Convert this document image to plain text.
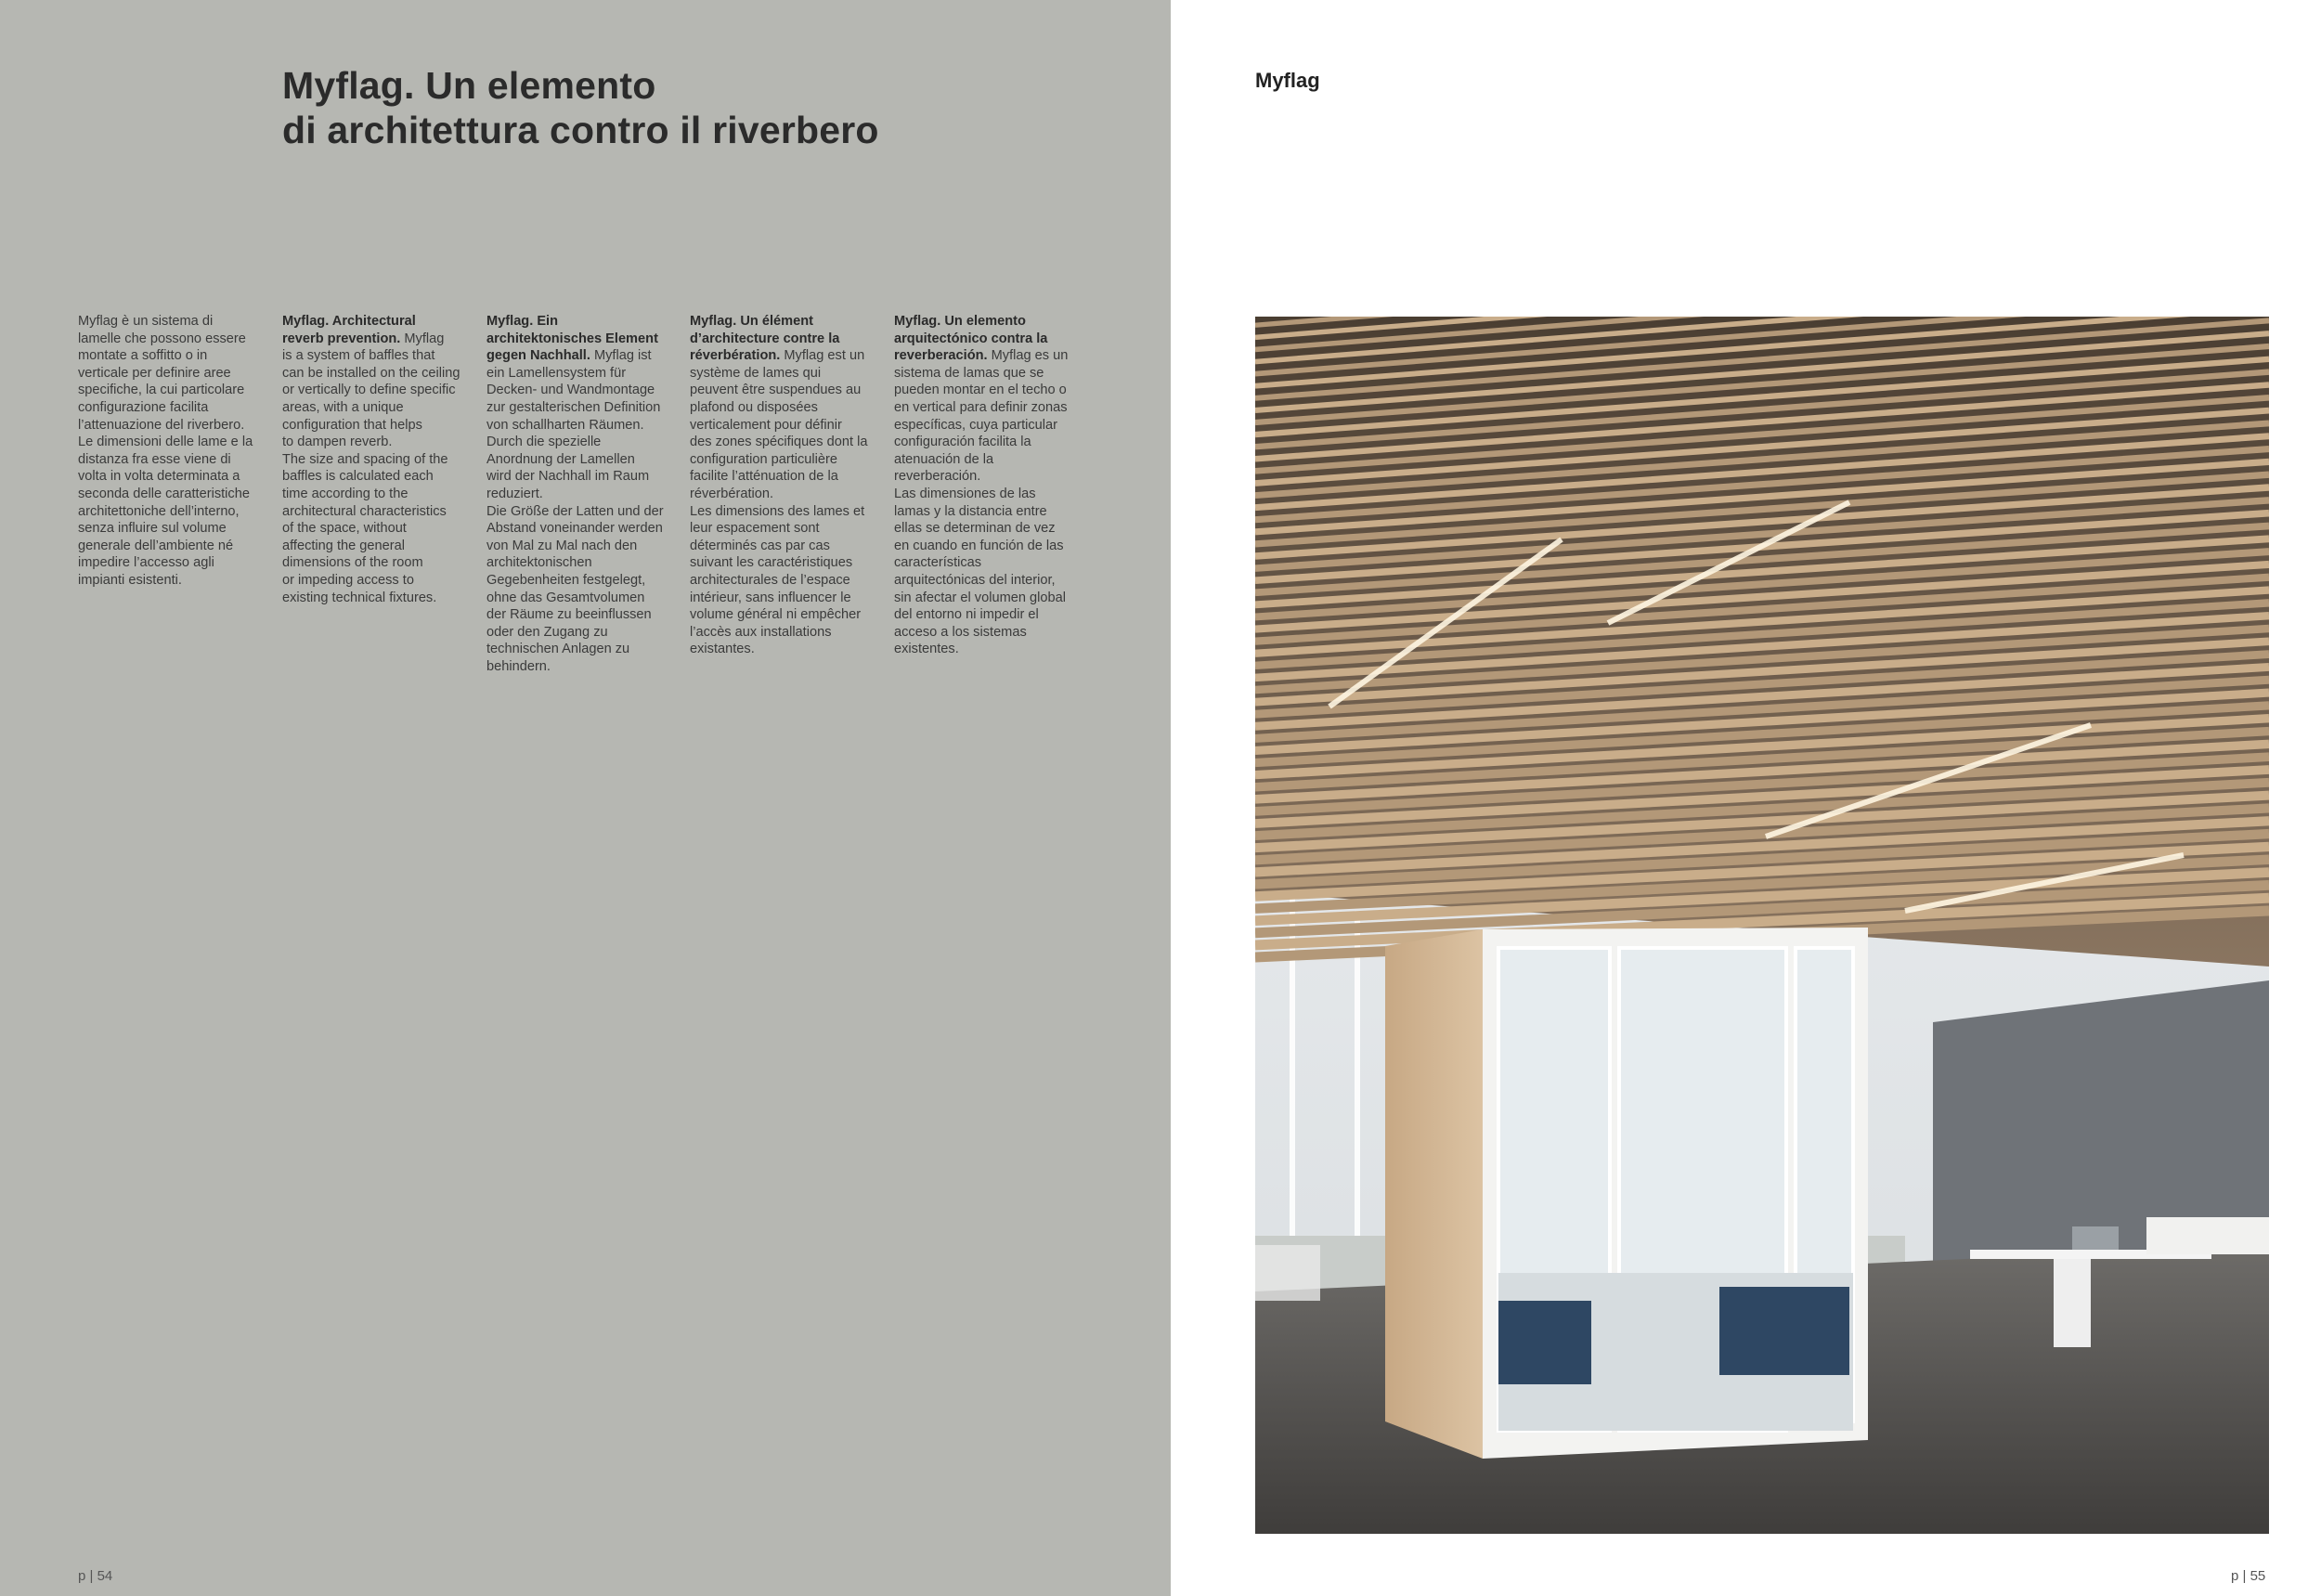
Myflag. Un elemento
di architettura contro il riverbero
Myflag è un sistema di
lamelle che possono essere
montate a soffitto o in
verticale per definire aree
specifiche, la cui particolare
configurazione facilita
l’attenuazione del riverbero.
Le dimensioni delle lame e la
distanza fra esse viene di
volta in volta determinata a
seconda delle caratteristiche
architettoniche dell’interno,
senza influire sul volume
generale dell’ambiente né
impedire l’accesso agli
impianti esistenti.
Myflag. Architectural
reverb prevention. Myflag
is a system of baffles that
can be installed on the ceiling
or vertically to define specific
areas, with a unique
configuration that helps
to dampen reverb.
The size and spacing of the
baffles is calculated each
time according to the
architectural characteristics
of the space, without
affecting the general
dimensions of the room
or impeding access to
existing technical fixtures.
Myflag. Ein
architektonisches Element
gegen Nachhall. Myflag ist
ein Lamellensystem für
Decken- und Wandmontage
zur gestalterischen Definition
von schallharten Räumen.
Durch die spezielle
Anordnung der Lamellen
wird der Nachhall im Raum
reduziert.
Die Größe der Latten und der
Abstand voneinander werden
von Mal zu Mal nach den
architektonischen
Gegebenheiten festgelegt,
ohne das Gesamtvolumen
der Räume zu beeinflussen
oder den Zugang zu
technischen Anlagen zu
behindern.
Myflag. Un élément
d’architecture contre la
réverbération. Myflag est un
système de lames qui
peuvent être suspendues au
plafond ou disposées
verticalement pour définir
des zones spécifiques dont la
configuration particulière
facilite l’atténuation de la
réverbération.
Les dimensions des lames et
leur espacement sont
déterminés cas par cas
suivant les caractéristiques
architecturales de l’espace
intérieur, sans influencer le
volume général ni empêcher
l’accès aux installations
existantes.
Myflag. Un elemento
arquitectónico contra la
reverberación. Myflag es un
sistema de lamas que se
pueden montar en el techo o
en vertical para definir zonas
específicas, cuya particular
configuración facilita la
atenuación de la
reverberación.
Las dimensiones de las
lamas y la distancia entre
ellas se determinan de vez
en cuando en función de las
características
arquitectónicas del interior,
sin afectar el volumen global
del entorno ni impedir el
acceso a los sistemas
existentes.
p | 54
Myflag
p | 55
